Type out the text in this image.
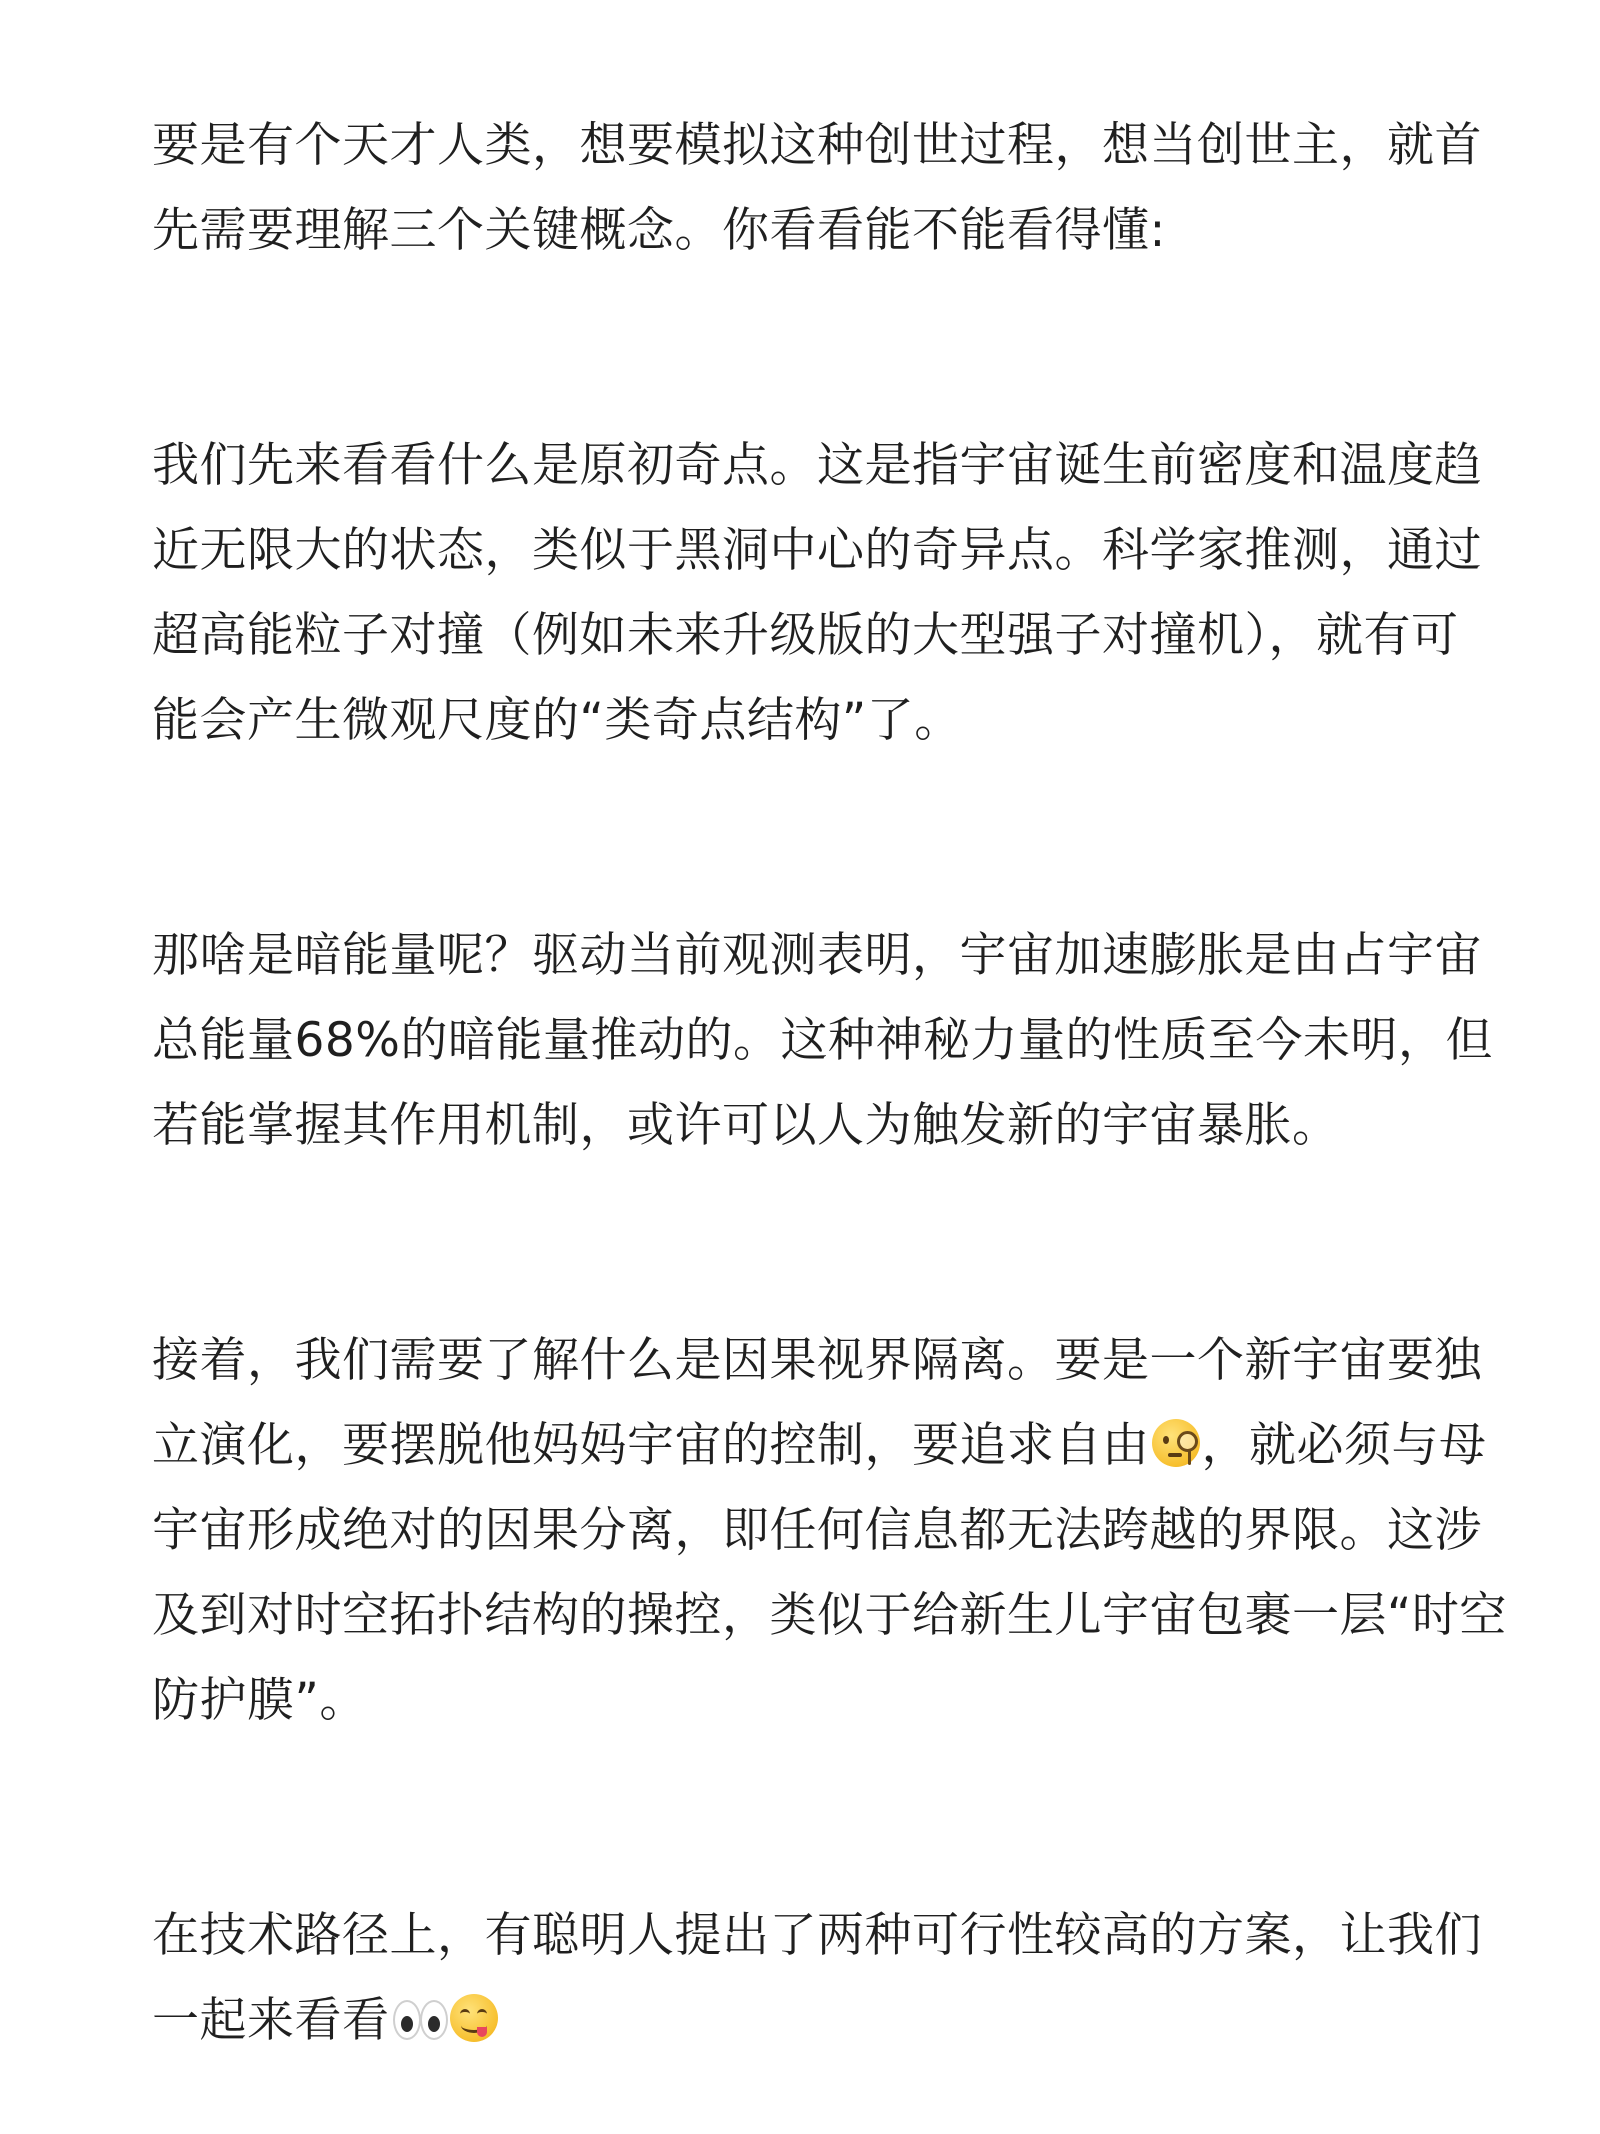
要是有个天才人类，想要模拟这种创世过程，想当创世主，就首
先需要理解三个关键概念。你看看能不能看得懂:

我们先来看看什么是原初奇点。这是指宇宙诞生前密度和温度趋
近无限大的状态，类似于黑洞中心的奇异点。科学家推测，通过
超高能粒子对撞（例如未来升级版的大型强子对撞机），就有可
能会产生微观尺度的“类奇点结构”了。

那啥是暗能量呢？驱动当前观测表明，宇宙加速膨胀是由占宇宙
总能量68%的暗能量推动的。这种神秘力量的性质至今未明，但
若能掌握其作用机制，或许可以人为触发新的宇宙暴胀。

接着，我们需要了解什么是因果视界隔离。要是一个新宇宙要独
立演化，要摆脱他妈妈宇宙的控制，要追求自由 ，就必须与母
宇宙形成绝对的因果分离，即任何信息都无法跨越的界限。这涉
及到对时空拓扑结构的操控，类似于给新生儿宇宙包裹一层“时空
防护膜”。

在技术路径上，有聪明人提出了两种可行性较高的方案，让我们
一起来看看
